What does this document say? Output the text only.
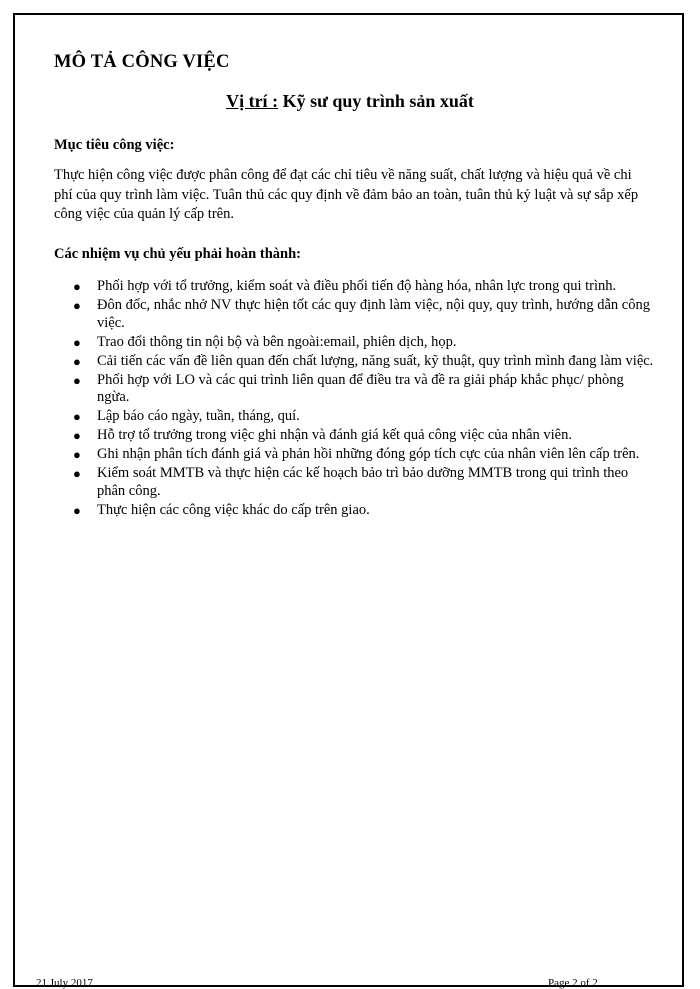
MÔ TẢ CÔNG VIỆC
Vị trí : Kỹ sư quy trình sản xuất
Mục tiêu công việc:

Thực hiện công việc được phân công để đạt các chỉ tiêu về năng suất, chất lượng và hiệu quả về chi phí của quy trình làm việc. Tuân thủ các quy định về đảm bảo an toàn, tuân thủ kỷ luật và sự sắp xếp công việc của quản lý cấp trên.

Các nhiệm vụ chủ yếu phải hoàn thành:
● Phối hợp với tổ trưởng, kiểm soát và điều phối tiến độ hàng hóa, nhân lực trong qui trình.
● Đôn đốc, nhắc nhở NV thực hiện tốt các quy định làm việc, nội quy, quy trình, hướng dẫn công việc.
● Trao đổi thông tin nội bộ và bên ngoài:email, phiên dịch, họp.
● Cải tiến các vấn đề liên quan đến chất lượng, năng suất, kỹ thuật, quy trình mình đang làm việc.
● Phối hợp với LO và các qui trình liên quan để điều tra và đề ra giải pháp khắc phục/ phòng ngừa.
● Lập báo cáo ngày, tuần, tháng, quí.
● Hỗ trợ tổ trưởng trong việc ghi nhận và đánh giá kết quả công việc của nhân viên.
● Ghi nhận phân tích đánh giá và phản hồi những đóng góp tích cực của nhân viên lên cấp trên.
● Kiểm soát MMTB và thực hiện các kế hoạch bảo trì bảo dưỡng MMTB trong qui trình theo phân công.
● Thực hiện các công việc khác do cấp trên giao.
21 July 2017	Page 2 of 2
